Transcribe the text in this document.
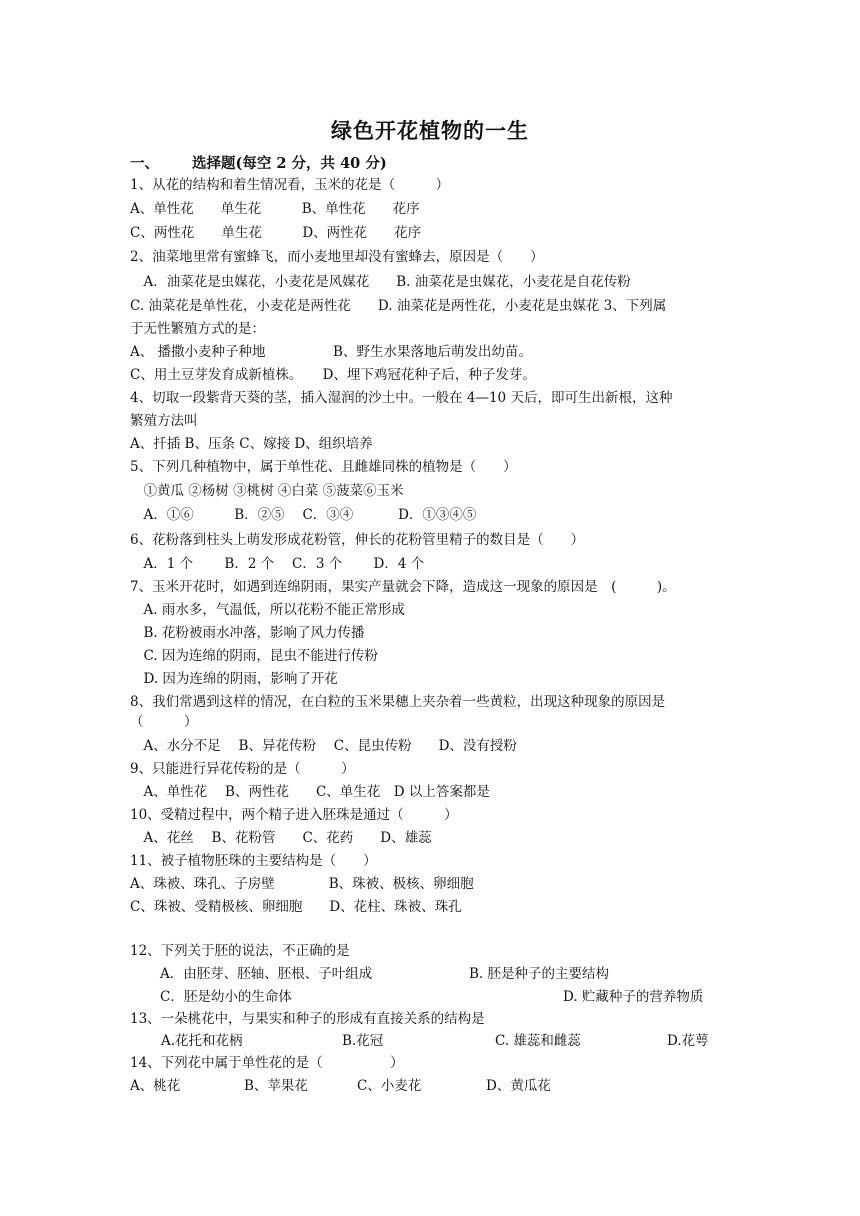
绿色开花植物的一生
一、 选择题(每空 2 分，共 40 分)
1、从花的结构和着生情况看，玉米的花是（　　　）
A、单性花　　单生花　　　B、单性花　　花序
C、两性花　　单生花　　　D、两性花　　花序
2、油菜地里常有蜜蜂飞，而小麦地里却没有蜜蜂去，原因是（　　）
　A．油菜花是虫媒花，小麦花是风媒花　　B. 油菜花是虫媒花，小麦花是自花传粉
C. 油菜花是单性花，小麦花是两性花　　D. 油菜花是两性花，小麦花是虫媒花 3、下列属
于无性繁殖方式的是：
A、 播撒小麦种子种地　　　　　B、野生水果落地后萌发出幼苗。
C、用土豆芽发育成新植株。　　D、埋下鸡冠花种子后，种子发芽。
4、切取一段紫背天葵的茎，插入湿润的沙土中。一般在 4—10 天后，即可生出新根，这种
繁殖方法叫
A、扦插 B、压条 C、嫁接 D、组织培养
5、下列几种植物中，属于单性花、且雌雄同株的植物是（　　）
　①黄瓜 ②杨树 ③桃树 ④白菜 ⑤菠菜⑥玉米
　A．①⑥　　　B．②⑤　 C．③④　　　 D．①③④⑤
6、花粉落到柱头上萌发形成花粉管，伸长的花粉管里精子的数目是（　　）
　A．1 个　　 B．2 个　 C．3 个　　 D．4 个
7、玉米开花时，如遇到连绵阴雨，果实产量就会下降，造成这一现象的原因是　(　　　)。
　A. 雨水多，气温低，所以花粉不能正常形成
　B. 花粉被雨水冲落，影响了风力传播
　C. 因为连绵的阴雨，昆虫不能进行传粉
　D. 因为连绵的阴雨，影响了开花
8、我们常遇到这样的情况，在白粒的玉米果穗上夹杂着一些黄粒，出现这种现象的原因是
（　　　）
　A、水分不足　 B、异花传粉　 C、昆虫传粉　　D、没有授粉
9、只能进行异花传粉的是（　　　）
　A、单性花　 B、两性花　　C、单生花　D 以上答案都是
10、受精过程中，两个精子进入胚珠是通过（　　　）
　A、花丝　 B、花粉管　　C、花药　　D、雄蕊
11、被子植物胚珠的主要结构是（　　）
A、珠被、珠孔、子房壁　　　　B、珠被、极核、卵细胞
C、珠被、受精极核、卵细胞　　D、花柱、珠被、珠孔
12、下列关于胚的说法，不正确的是
A．由胚芽、胚轴、胚根、子叶组成	B. 胚是种子的主要结构
C．胚是幼小的生命体	D. 贮藏种子的营养物质
13、一朵桃花中，与果实和种子的形成有直接关系的结构是
A.花托和花柄	B.花冠	C. 雄蕊和雌蕊	D.花萼
14、下列花中属于单性花的是（　　　　　）
A、桃花	B、苹果花	C、小麦花	D、黄瓜花
